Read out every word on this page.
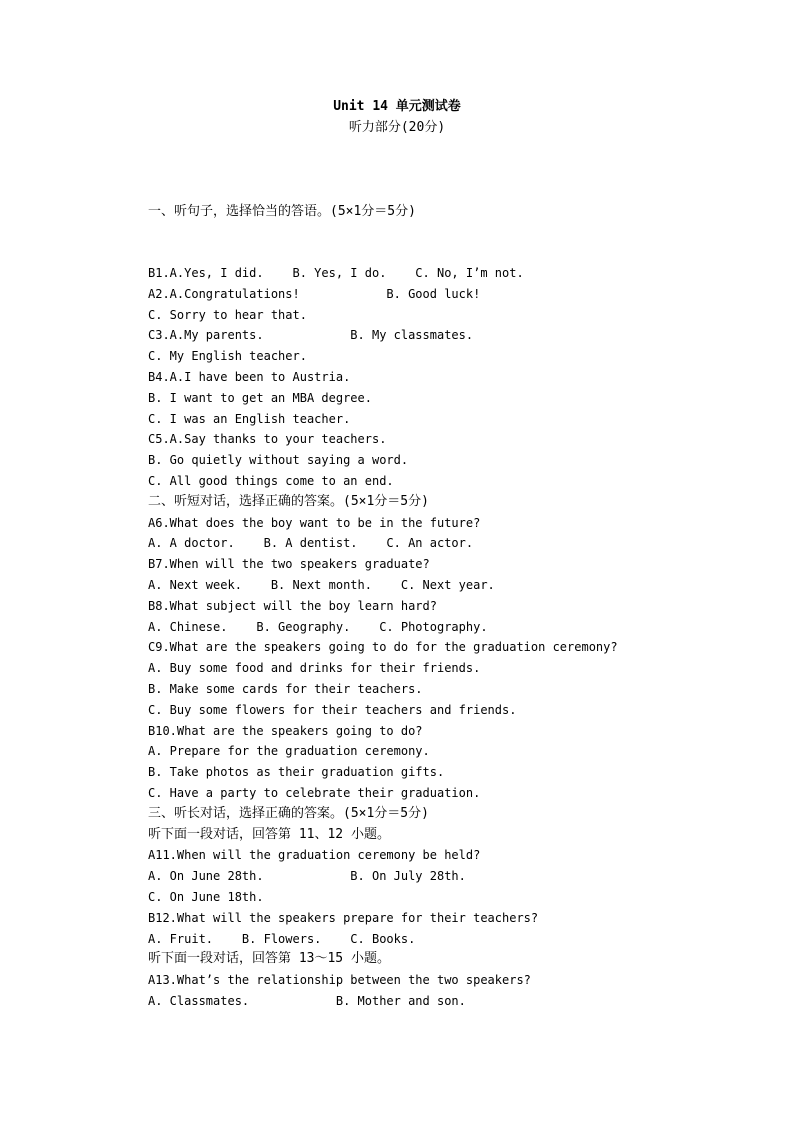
Unit 14 单元测试卷
听力部分(20分)
一、听句子，选择恰当的答语。(5×1分＝5分)
B1.A.Yes, I did.    B. Yes, I do.    C. No, I’m not.
A2.A.Congratulations!            B. Good luck!
C. Sorry to hear that.
C3.A.My parents.            B. My classmates.
C. My English teacher.
B4.A.I have been to Austria.
B. I want to get an MBA degree.
C. I was an English teacher.
C5.A.Say thanks to your teachers.
B. Go quietly without saying a word.
C. All good things come to an end.
二、听短对话，选择正确的答案。(5×1分＝5分)
A6.What does the boy want to be in the future?
A. A doctor.    B. A dentist.    C. An actor.
B7.When will the two speakers graduate?
A. Next week.    B. Next month.    C. Next year.
B8.What subject will the boy learn hard?
A. Chinese.    B. Geography.    C. Photography.
C9.What are the speakers going to do for the graduation ceremony?
A. Buy some food and drinks for their friends.
B. Make some cards for their teachers.
C. Buy some flowers for their teachers and friends.
B10.What are the speakers going to do?
A. Prepare for the graduation ceremony.
B. Take photos as their graduation gifts.
C. Have a party to celebrate their graduation.
三、听长对话，选择正确的答案。(5×1分＝5分)
听下面一段对话，回答第 11、12 小题。
A11.When will the graduation ceremony be held?
A. On June 28th.            B. On July 28th.
C. On June 18th.
B12.What will the speakers prepare for their teachers?
A. Fruit.    B. Flowers.    C. Books.
听下面一段对话，回答第 13～15 小题。
A13.What’s the relationship between the two speakers?
A. Classmates.            B. Mother and son.
